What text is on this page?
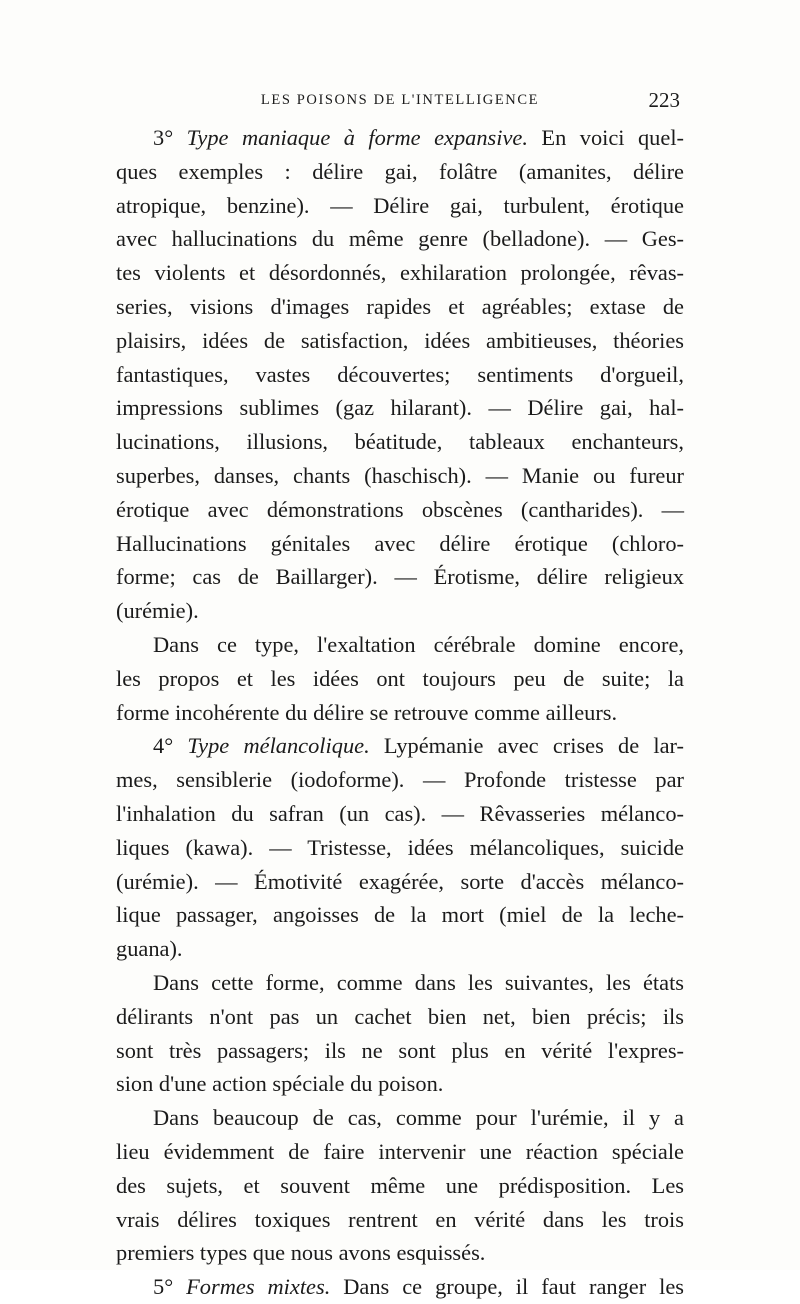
LES POISONS DE L'INTELLIGENCE	223
3° Type maniaque à forme expansive. En voici quel-
ques exemples : délire gai, folâtre (amanites, délire
atropique, benzine). — Délire gai, turbulent, érotique
avec hallucinations du même genre (belladone). — Ges-
tes violents et désordonnés, exhilaration prolongée, rêvas-
series, visions d'images rapides et agréables; extase de
plaisirs, idées de satisfaction, idées ambitieuses, théories
fantastiques, vastes découvertes; sentiments d'orgueil,
impressions sublimes (gaz hilarant). — Délire gai, hal-
lucinations, illusions, béatitude, tableaux enchanteurs,
superbes, danses, chants (haschisch). — Manie ou fureur
érotique avec démonstrations obscènes (cantharides). —
Hallucinations génitales avec délire érotique (chloro-
forme; cas de Baillarger). — Érotisme, délire religieux
(urémie).
Dans ce type, l'exaltation cérébrale domine encore,
les propos et les idées ont toujours peu de suite; la
forme incohérente du délire se retrouve comme ailleurs.
4° Type mélancolique. Lypémanie avec crises de lar-
mes, sensiblerie (iodoforme). — Profonde tristesse par
l'inhalation du safran (un cas). — Rêvasseries mélanco-
liques (kawa). — Tristesse, idées mélancoliques, suicide
(urémie). — Émotivité exagérée, sorte d'accès mélanco-
lique passager, angoisses de la mort (miel de la leche-
guana).
Dans cette forme, comme dans les suivantes, les états
délirants n'ont pas un cachet bien net, bien précis; ils
sont très passagers; ils ne sont plus en vérité l'expres-
sion d'une action spéciale du poison.
Dans beaucoup de cas, comme pour l'urémie, il y a
lieu évidemment de faire intervenir une réaction spéciale
des sujets, et souvent même une prédisposition. Les
vrais délires toxiques rentrent en vérité dans les trois
premiers types que nous avons esquissés.
5° Formes mixtes. Dans ce groupe, il faut ranger les
